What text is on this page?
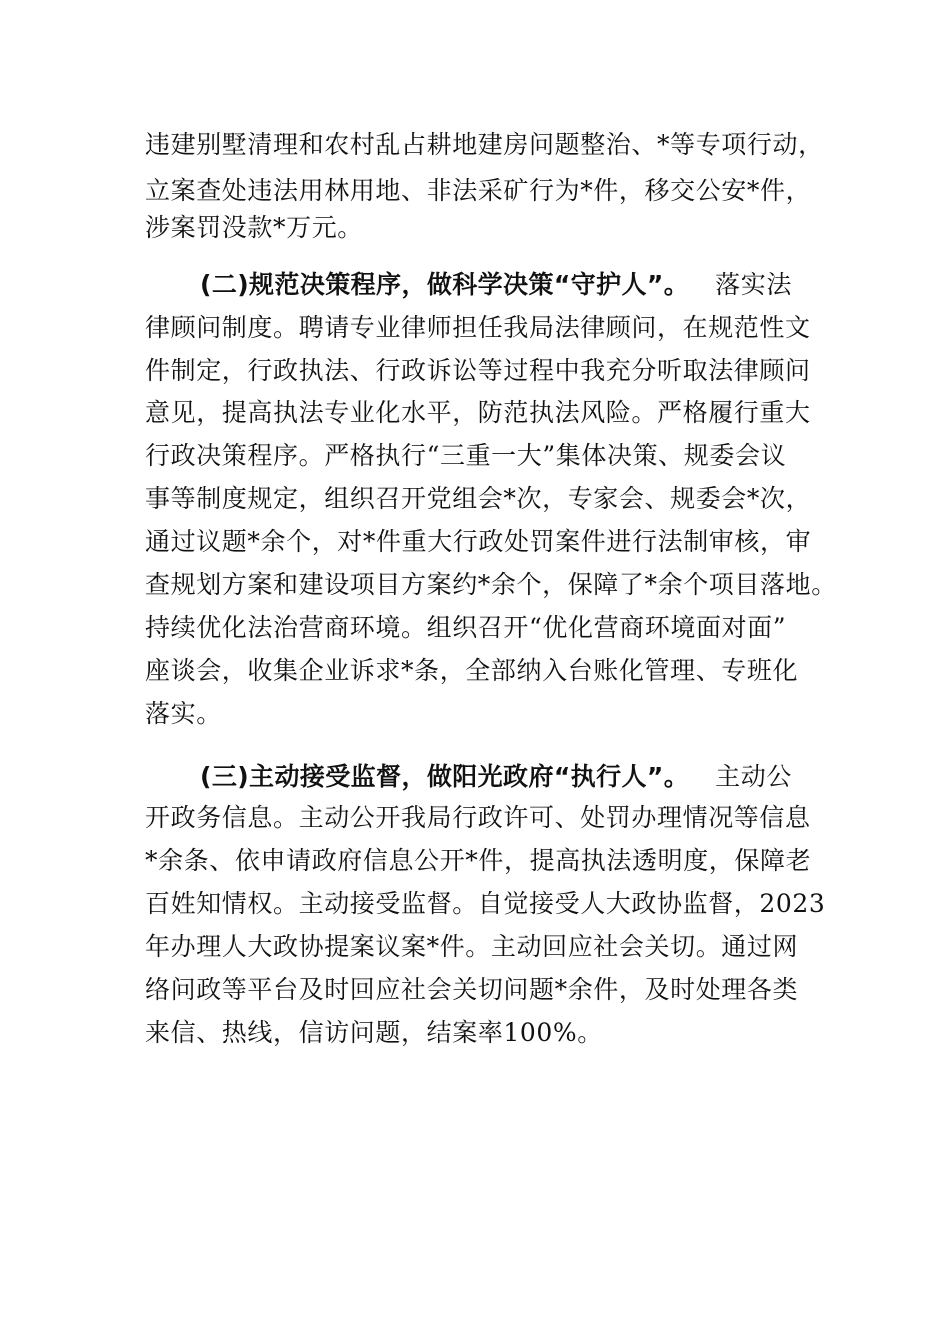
违建别墅清理和农村乱占耕地建房问题整治、*等专项行动，
立案查处违法用林用地、非法采矿行为*件，移交公安*件，
涉案罚没款*万元。
(二)规范决策程序，做科学决策“守护人”。 落实法
律顾问制度。聘请专业律师担任我局法律顾问，在规范性文
件制定，行政执法、行政诉讼等过程中我充分听取法律顾问
意见，提高执法专业化水平，防范执法风险。严格履行重大
行政决策程序。严格执行“三重一大”集体决策、规委会议
事等制度规定，组织召开党组会*次，专家会、规委会*次，
通过议题*余个，对*件重大行政处罚案件进行法制审核，审
查规划方案和建设项目方案约*余个，保障了*余个项目落地。
持续优化法治营商环境。组织召开“优化营商环境面对面”
座谈会，收集企业诉求*条，全部纳入台账化管理、专班化
落实。
(三)主动接受监督，做阳光政府“执行人”。 主动公
开政务信息。主动公开我局行政许可、处罚办理情况等信息
*余条、依申请政府信息公开*件，提高执法透明度，保障老
百姓知情权。主动接受监督。自觉接受人大政协监督，2023
年办理人大政协提案议案*件。主动回应社会关切。通过网
络问政等平台及时回应社会关切问题*余件，及时处理各类
来信、热线，信访问题，结案率100%。
